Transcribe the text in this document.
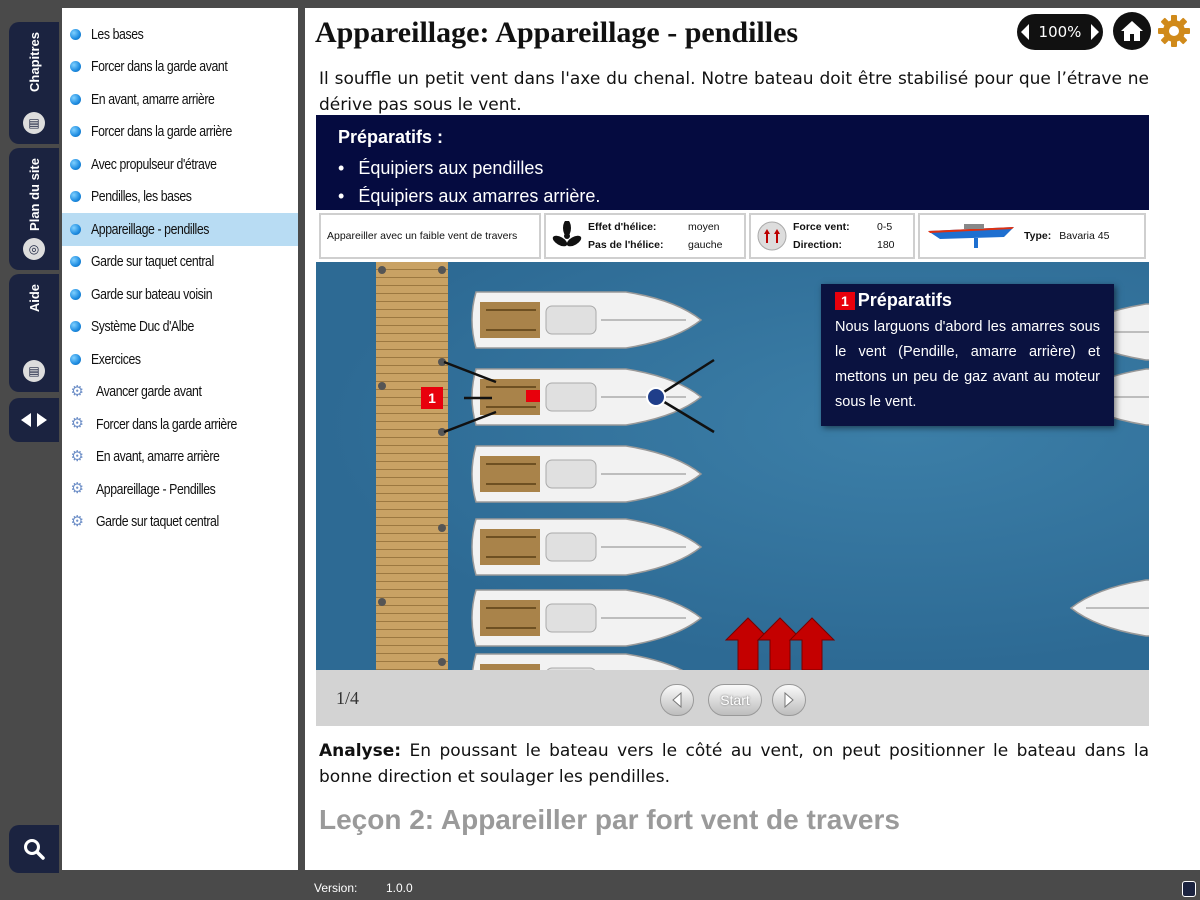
Chapitres
▤
Plan du site
◎
Aide
▤
Les bases
Forcer dans la garde avant
En avant, amarre arrière
Forcer dans la garde arrière
Avec propulseur d'étrave
Pendilles, les bases
Appareillage - pendilles
Garde sur taquet central
Garde sur bateau voisin
Système Duc d'Albe
Exercices
⚙ Avancer garde avant
⚙ Forcer dans la garde arrière
⚙ En avant, amarre arrière
⚙ Appareillage - Pendilles
⚙ Garde sur taquet central
Appareillage: Appareillage - pendilles	100%

Il souffle un petit vent dans l'axe du chenal. Notre bateau doit être stabilisé pour que l’étrave ne dérive pas sous le vent.

Préparatifs :
• Équipiers aux pendilles
• Équipiers aux amarres arrière.
Appareiller avec un faible vent de travers
Effet d'hélice:	moyen
Pas de l'hélice:	gauche
Force vent:	0-5
Direction:	180
Type: Bavaria 45
1
1 Préparatifs
Nous larguons d'abord les amarres sous le vent (Pendille, amarre arrière) et mettons un peu de gaz avant au moteur sous le vent.
1/4	Start

Analyse: En poussant le bateau vers le côté au vent, on peut positionner le bateau dans la bonne direction et soulager les pendilles.

Leçon 2: Appareiller par fort vent de travers
Version: 1.0.0
